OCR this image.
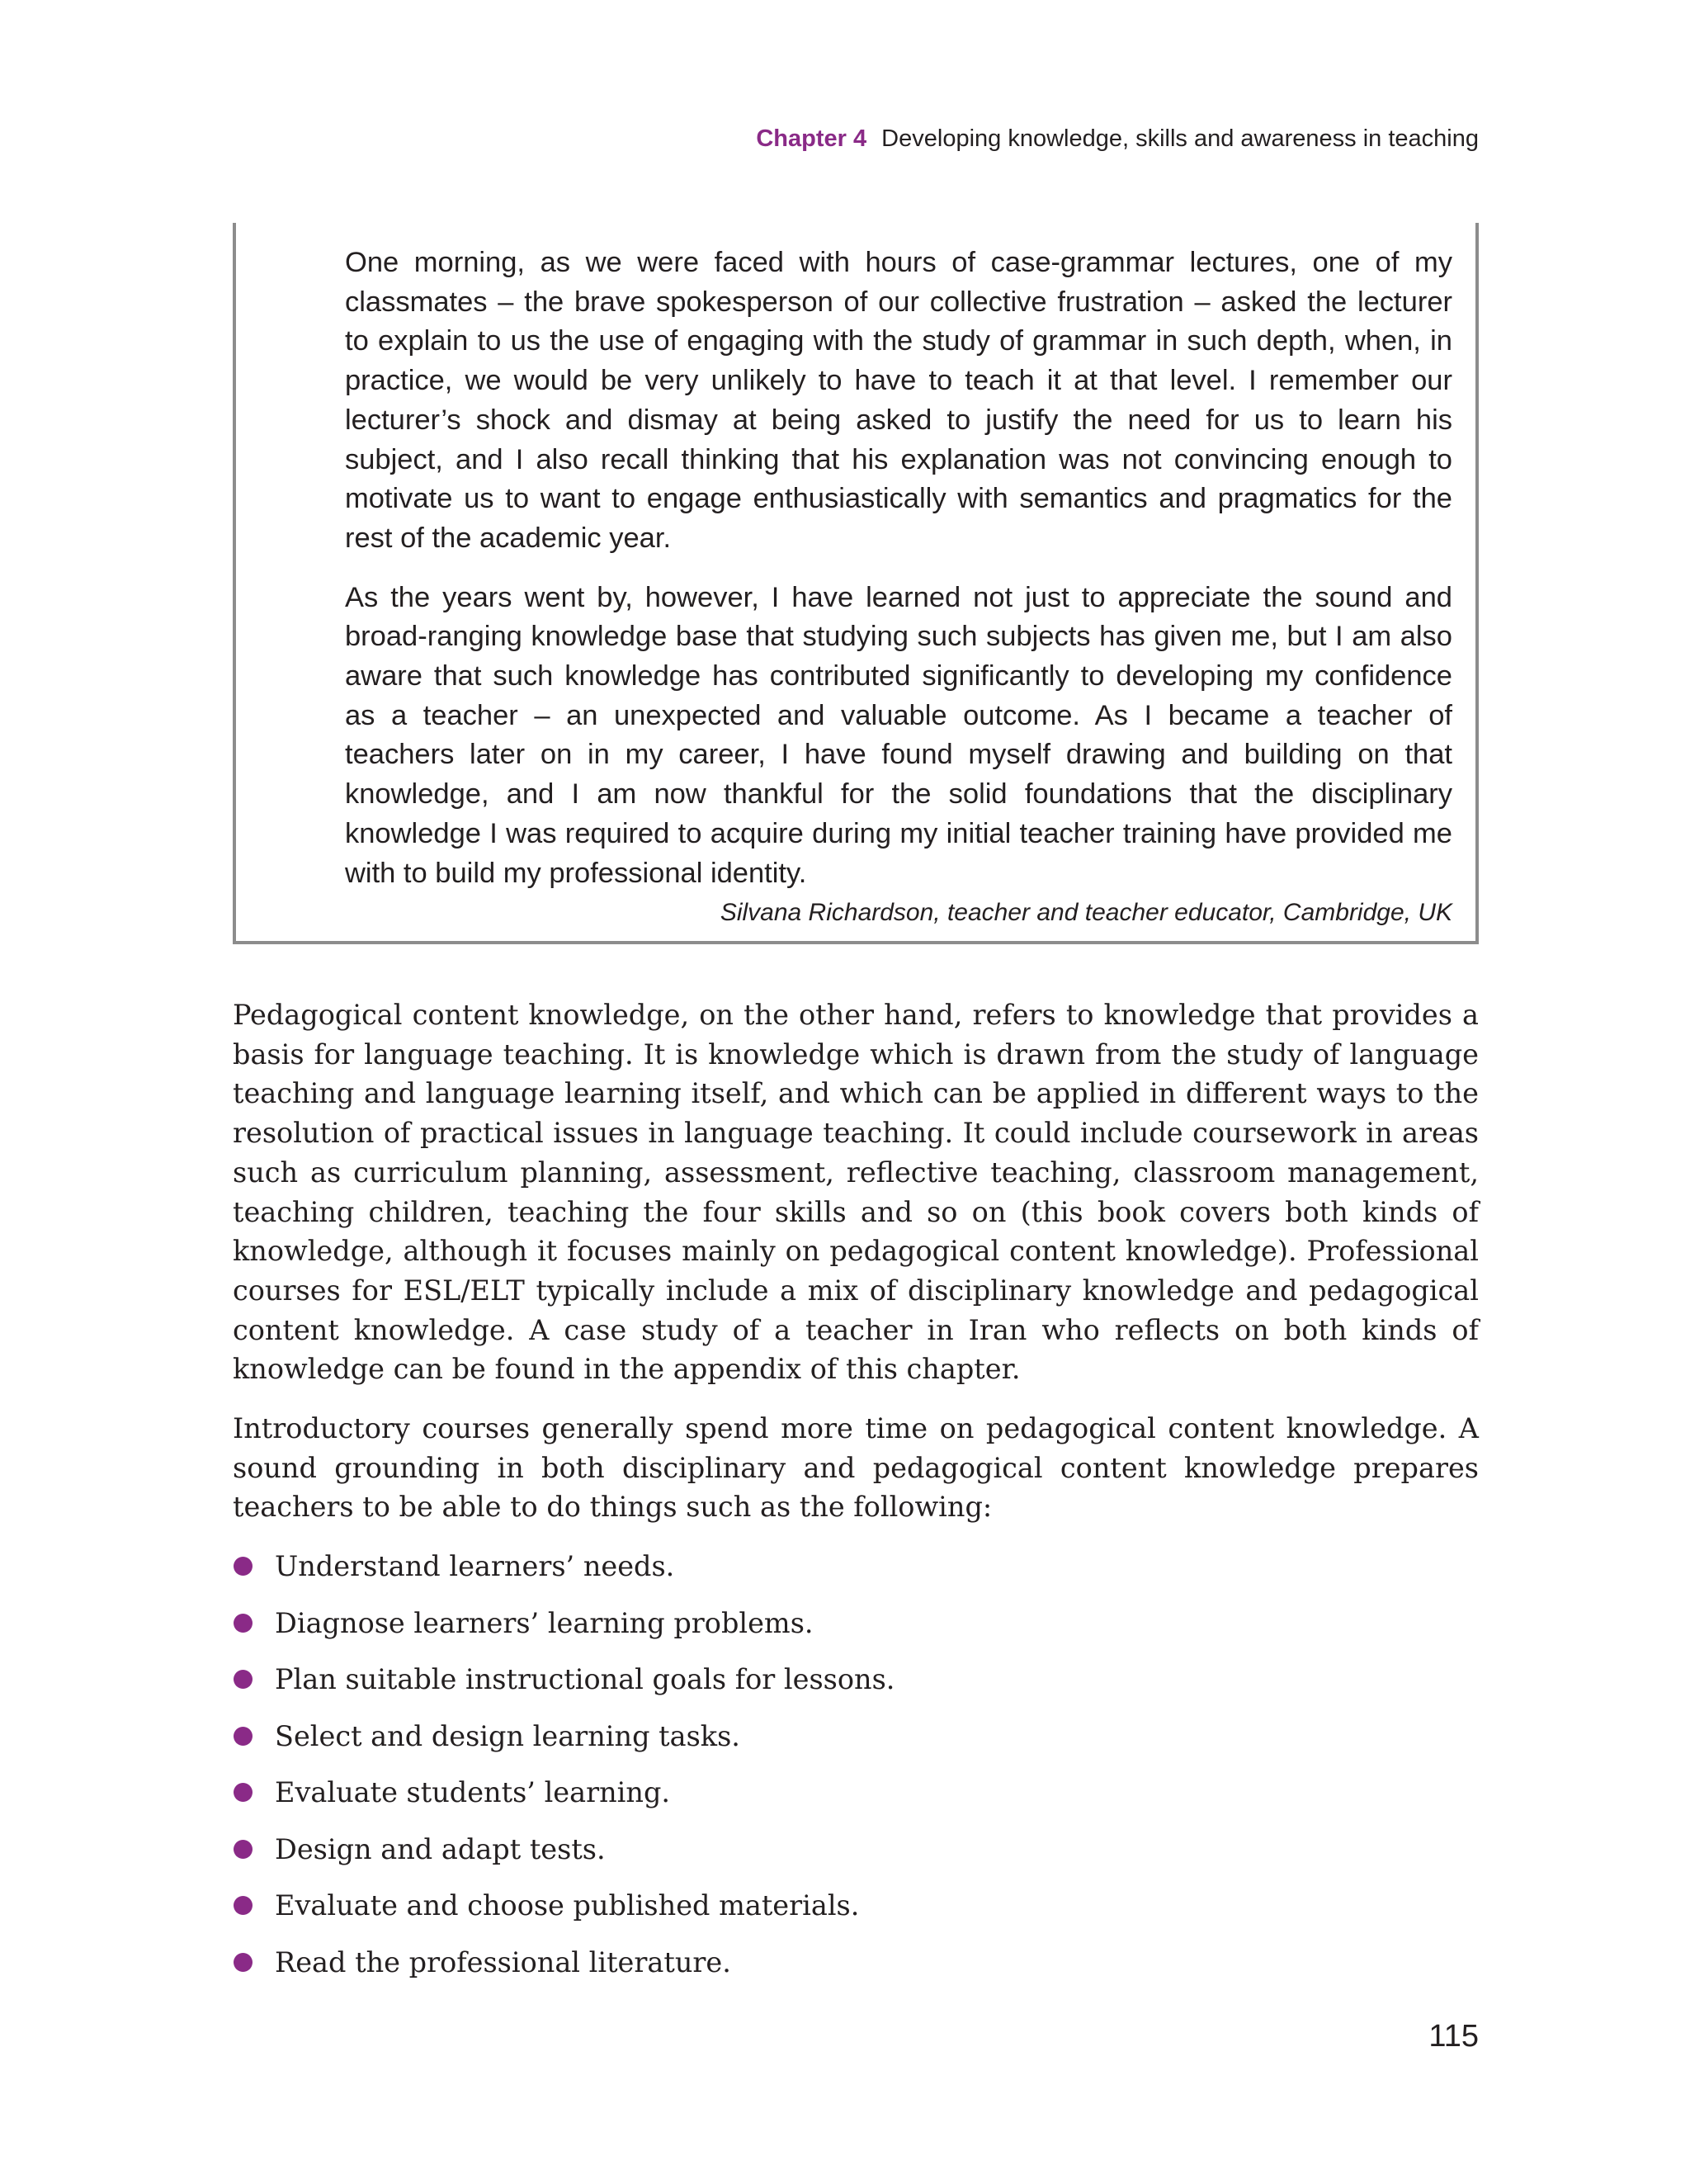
Chapter 4 Developing knowledge, skills and awareness in teaching

One morning, as we were faced with hours of case-grammar lectures, one of my classmates – the brave spokesperson of our collective frustration – asked the lecturer to explain to us the use of engaging with the study of grammar in such depth, when, in practice, we would be very unlikely to have to teach it at that level. I remember our lecturer’s shock and dismay at being asked to justify the need for us to learn his subject, and I also recall thinking that his explanation was not convincing enough to motivate us to want to engage enthusiastically with semantics and pragmatics for the rest of the academic year.

As the years went by, however, I have learned not just to appreciate the sound and broad-ranging knowledge base that studying such subjects has given me, but I am also aware that such knowledge has contributed significantly to developing my confidence as a teacher – an unexpected and valuable outcome. As I became a teacher of teachers later on in my career, I have found myself drawing and building on that knowledge, and I am now thankful for the solid foundations that the disciplinary knowledge I was required to acquire during my initial teacher training have provided me with to build my professional identity.

Silvana Richardson, teacher and teacher educator, Cambridge, UK

Pedagogical content knowledge, on the other hand, refers to knowledge that provides a basis for language teaching. It is knowledge which is drawn from the study of language teaching and language learning itself, and which can be applied in different ways to the resolution of practical issues in language teaching. It could include coursework in areas such as curriculum planning, assessment, reflective teaching, classroom management, teaching children, teaching the four skills and so on (this book covers both kinds of knowledge, although it focuses mainly on pedagogical content knowledge). Professional courses for ESL/ELT typically include a mix of disciplinary knowledge and pedagogical content knowledge. A case study of a teacher in Iran who reflects on both kinds of knowledge can be found in the appendix of this chapter.

Introductory courses generally spend more time on pedagogical content knowledge. A sound grounding in both disciplinary and pedagogical content knowledge prepares teachers to be able to do things such as the following:

Understand learners’ needs.
Diagnose learners’ learning problems.
Plan suitable instructional goals for lessons.
Select and design learning tasks.
Evaluate students’ learning.
Design and adapt tests.
Evaluate and choose published materials.
Read the professional literature.
115
